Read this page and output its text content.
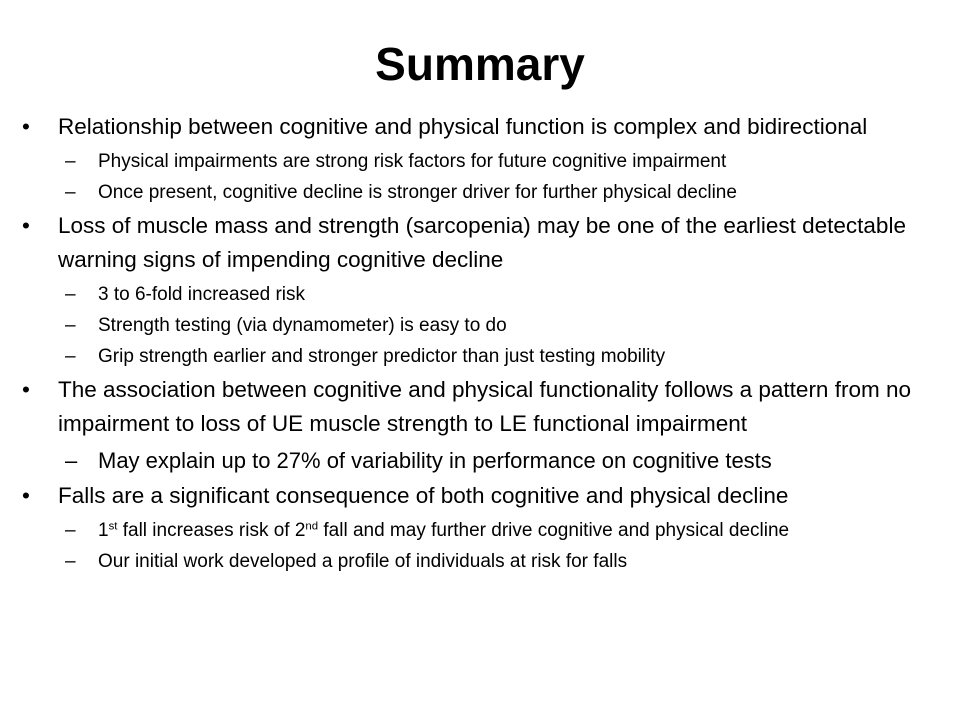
Summary
•	Relationship between cognitive and physical function is complex and bidirectional
– Physical impairments are strong risk factors for future cognitive impairment
– Once present, cognitive decline is stronger driver for further physical decline
•	Loss of muscle mass and strength (sarcopenia) may be one of the earliest detectable warning signs of impending cognitive decline
– 3 to 6-fold increased risk
– Strength testing (via dynamometer) is easy to do
– Grip strength earlier and stronger predictor than just testing mobility
•	The association between cognitive and physical functionality follows a pattern from no impairment to loss of UE muscle strength to LE functional impairment
– May explain up to 27% of variability in performance on cognitive tests
•	Falls are a significant consequence of both cognitive and physical decline
– 1st fall increases risk of 2nd fall and may further drive cognitive and physical decline
– Our initial work developed a profile of individuals at risk for falls
